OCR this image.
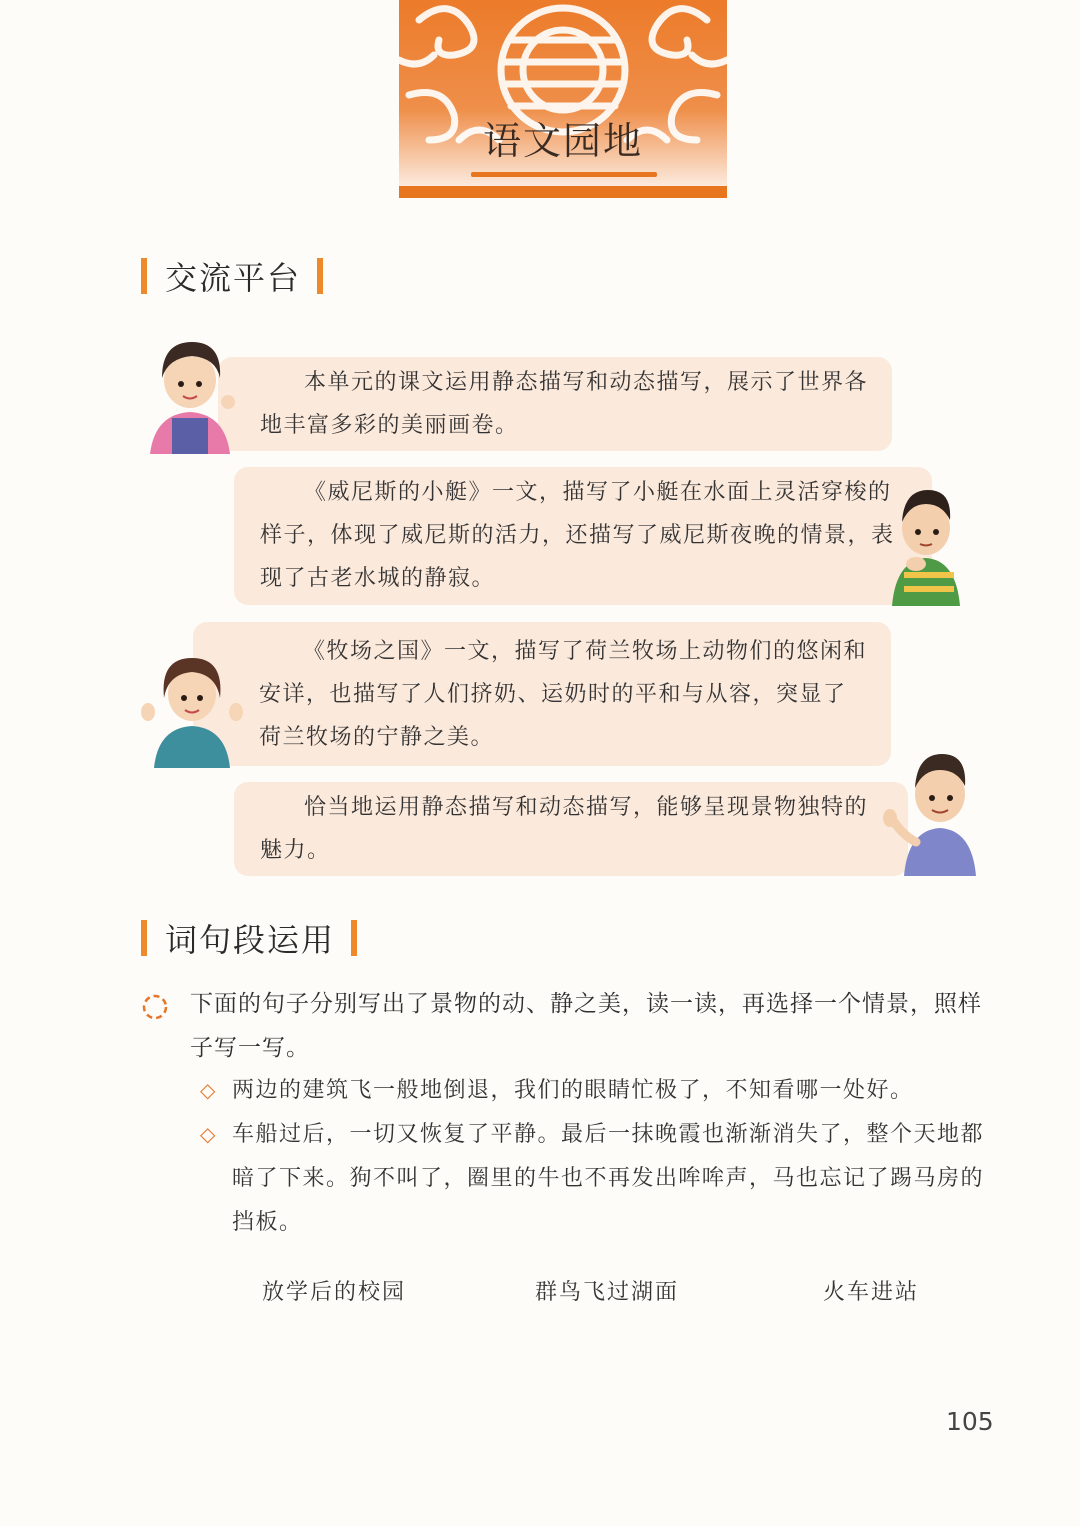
语文园地
交流平台

本单元的课文运用静态描写和动态描写，展示了世界各地丰富多彩的美丽画卷。

《威尼斯的小艇》一文，描写了小艇在水面上灵活穿梭的样子，体现了威尼斯的活力，还描写了威尼斯夜晚的情景，表现了古老水城的静寂。

《牧场之国》一文，描写了荷兰牧场上动物们的悠闲和安详，也描写了人们挤奶、运奶时的平和与从容，突显了荷兰牧场的宁静之美。

恰当地运用静态描写和动态描写，能够呈现景物独特的魅力。

词句段运用
下面的句子分别写出了景物的动、静之美，读一读，再选择一个情景，照样子写一写。
◇ 两边的建筑飞一般地倒退，我们的眼睛忙极了，不知看哪一处好。
◇ 车船过后，一切又恢复了平静。最后一抹晚霞也渐渐消失了，整个天地都暗了下来。狗不叫了，圈里的牛也不再发出哞哞声，马也忘记了踢马房的挡板。
放学后的校园	群鸟飞过湖面	火车进站
105
